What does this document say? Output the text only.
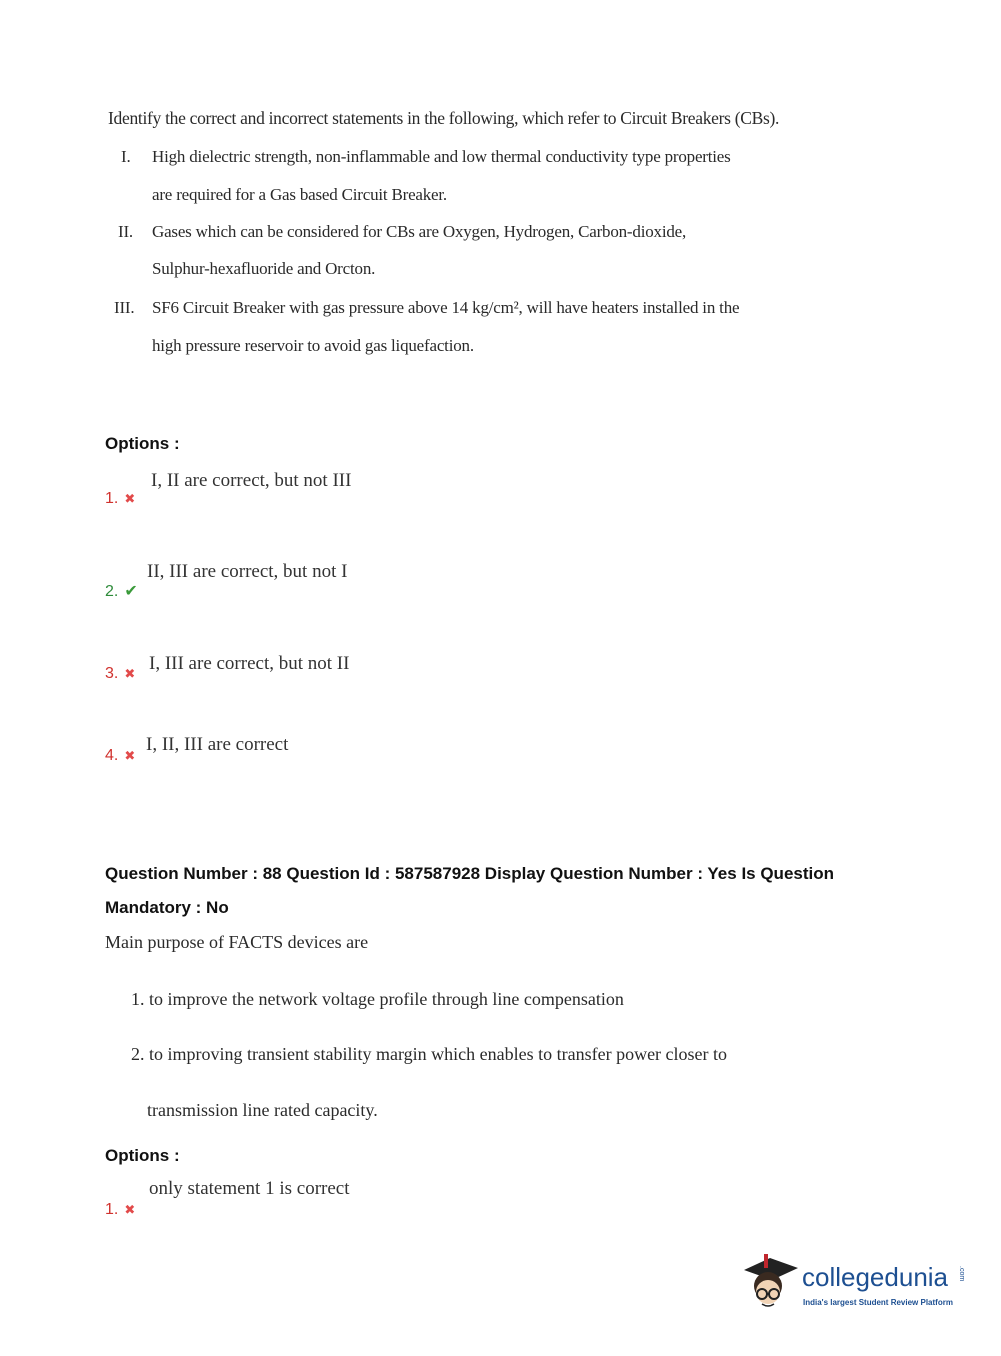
Identify the correct and incorrect statements in the following, which refer to Circuit Breakers (CBs).
I. High dielectric strength, non-inflammable and low thermal conductivity type properties
are required for a Gas based Circuit Breaker.
II. Gases which can be considered for CBs are Oxygen, Hydrogen, Carbon-dioxide,
Sulphur-hexafluoride and Orcton.
III. SF6 Circuit Breaker with gas pressure above 14 kg/cm², will have heaters installed in the
high pressure reservoir to avoid gas liquefaction.
Options :
1. ✖
I, II are correct, but not III
2. ✔
II, III are correct, but not I
3. ✖ I, III are correct, but not II
4. ✖
I, II, III are correct
Question Number : 88 Question Id : 587587928 Display Question Number : Yes Is Question
Mandatory : No
Main purpose of FACTS devices are
1. to improve the network voltage profile through line compensation
2. to improving transient stability margin which enables to transfer power closer to
transmission line rated capacity.
Options :
1. ✖
only statement 1 is correct
collegedunia .com
India's largest Student Review Platform
